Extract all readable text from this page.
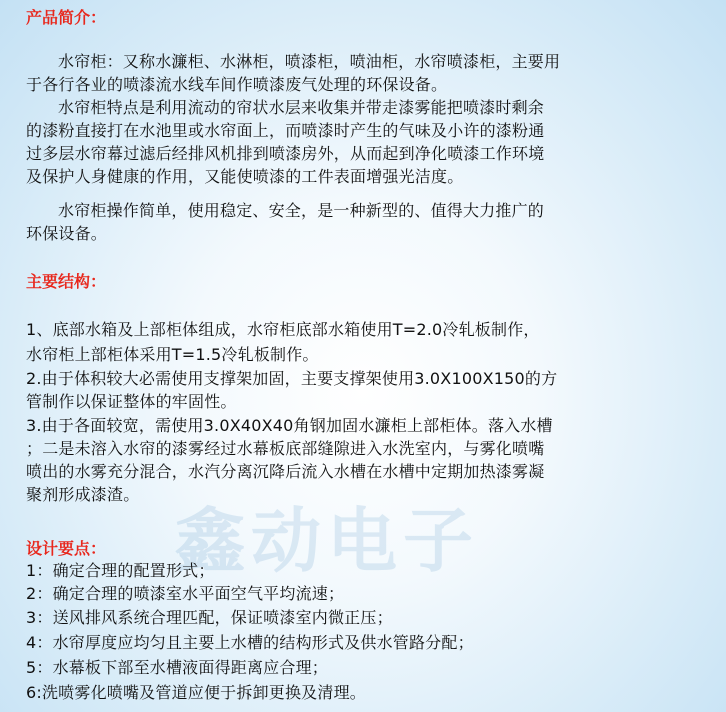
鑫动电子
产品简介：
水帘柜：又称水濂柜、水淋柜，喷漆柜，喷油柜，水帘喷漆柜，主要用
于各行各业的喷漆流水线车间作喷漆废气处理的环保设备。
水帘柜特点是利用流动的帘状水层来收集并带走漆雾能把喷漆时剩余
的漆粉直接打在水池里或水帘面上，而喷漆时产生的气味及小许的漆粉通
过多层水帘幕过滤后经排风机排到喷漆房外，从而起到净化喷漆工作环境
及保护人身健康的作用，又能使喷漆的工件表面增强光洁度。
水帘柜操作简单，使用稳定、安全，是一种新型的、值得大力推广的
环保设备。
主要结构：
1、底部水箱及上部柜体组成，水帘柜底部水箱使用T=2.0冷轧板制作，
水帘柜上部柜体采用T=1.5冷轧板制作。
2.由于体积较大必需使用支撑架加固，主要支撑架使用3.0X100X150的方
管制作以保证整体的牢固性。
3.由于各面较宽，需使用3.0X40X40角钢加固水濂柜上部柜体。落入水槽
；二是未溶入水帘的漆雾经过水幕板底部缝隙进入水洗室内，与雾化喷嘴
喷出的水雾充分混合，水汽分离沉降后流入水槽在水槽中定期加热漆雾凝
聚剂形成漆渣。
设计要点：
1：确定合理的配置形式；
2：确定合理的喷漆室水平面空气平均流速；
3：送风排风系统合理匹配，保证喷漆室内微正压；
4：水帘厚度应均匀且主要上水槽的结构形式及供水管路分配；
5：水幕板下部至水槽液面得距离应合理；
6:洗喷雾化喷嘴及管道应便于拆卸更换及清理。
